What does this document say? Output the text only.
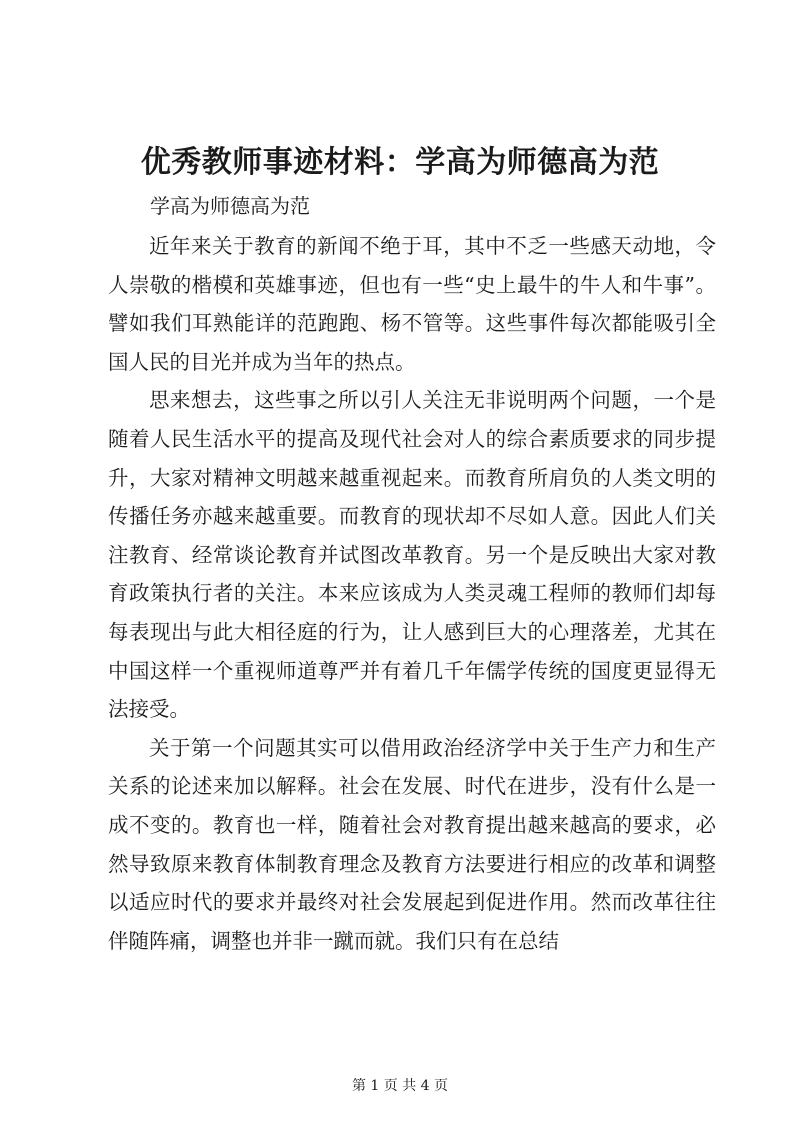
优秀教师事迹材料：学高为师德高为范
学高为师德高为范

近年来关于教育的新闻不绝于耳，其中不乏一些感天动地，令人崇敬的楷模和英雄事迹，但也有一些“史上最牛的牛人和牛事”。譬如我们耳熟能详的范跑跑、杨不管等。这些事件每次都能吸引全国人民的目光并成为当年的热点。

思来想去，这些事之所以引人关注无非说明两个问题，一个是随着人民生活水平的提高及现代社会对人的综合素质要求的同步提升，大家对精神文明越来越重视起来。而教育所肩负的人类文明的传播任务亦越来越重要。而教育的现状却不尽如人意。因此人们关注教育、经常谈论教育并试图改革教育。另一个是反映出大家对教育政策执行者的关注。本来应该成为人类灵魂工程师的教师们却每每表现出与此大相径庭的行为，让人感到巨大的心理落差，尤其在中国这样一个重视师道尊严并有着几千年儒学传统的国度更显得无法接受。

关于第一个问题其实可以借用政治经济学中关于生产力和生产关系的论述来加以解释。社会在发展、时代在进步，没有什么是一成不变的。教育也一样，随着社会对教育提出越来越高的要求，必然导致原来教育体制教育理念及教育方法要进行相应的改革和调整以适应时代的要求并最终对社会发展起到促进作用。然而改革往往伴随阵痛，调整也并非一蹴而就。我们只有在总结

第 1 页 共 4 页
